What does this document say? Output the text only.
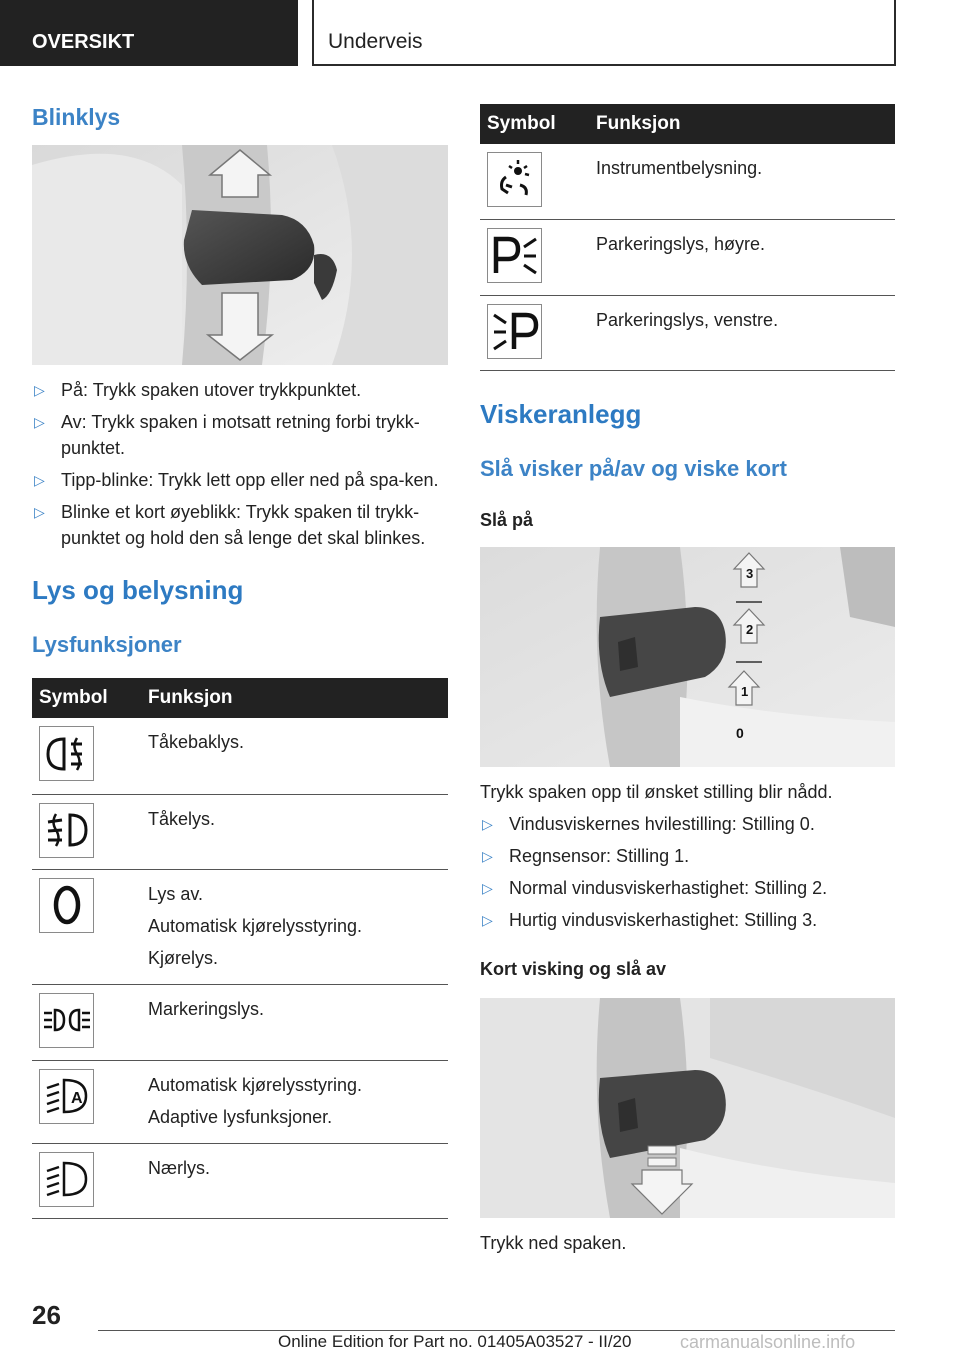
OVERSIKT	Underveis
Blinklys
▷ På: Trykk spaken utover trykkpunktet.
▷ Av: Trykk spaken i motsatt retning forbi trykk-punktet.
▷ Tipp-blinke: Trykk lett opp eller ned på spa-ken.
▷ Blinke et kort øyeblikk: Trykk spaken til trykk-punktet og hold den så lenge det skal blinkes.
Lys og belysning
Lysfunksjoner
Symbol	Funksjon

Tåkebaklys.

Tåkelys.

Lys av.
Automatisk kjørelysstyring.
Kjørelys.

Markeringslys.

A	Automatisk kjørelysstyring.
Adaptive lysfunksjoner.

Nærlys.
Symbol	Funksjon

Instrumentbelysning.

Parkeringslys, høyre.

Parkeringslys, venstre.
Viskeranlegg
Slå visker på/av og viske kort
Slå på
3
2
1
0
Trykk spaken opp til ønsket stilling blir nådd.
▷ Vindusviskernes hvilestilling: Stilling 0.
▷ Regnsensor: Stilling 1.
▷ Normal vindusviskerhastighet: Stilling 2.
▷ Hurtig vindusviskerhastighet: Stilling 3.
Kort visking og slå av
Trykk ned spaken.
26
Online Edition for Part no. 01405A03527 - II/20	carmanualsonline.info
